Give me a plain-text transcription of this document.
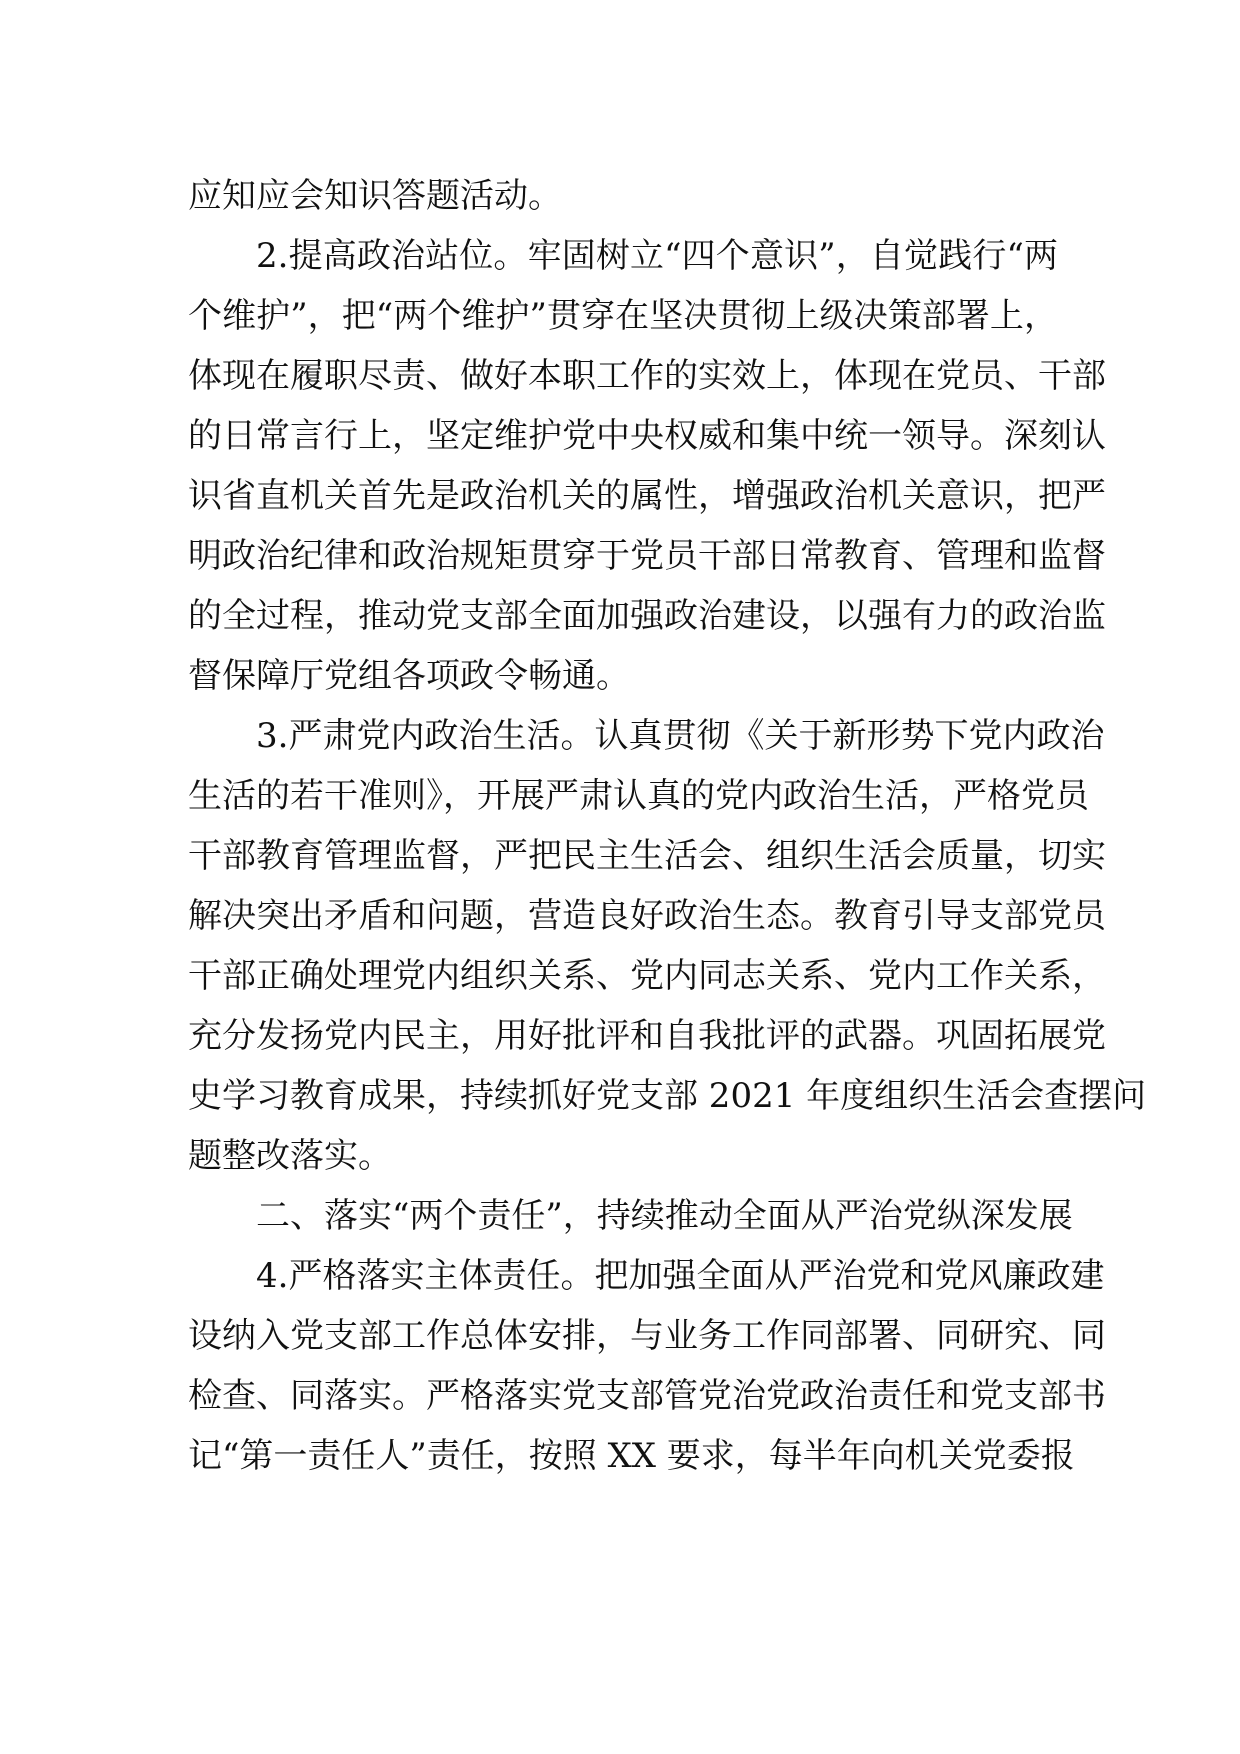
应知应会知识答题活动。
2.提高政治站位。牢固树立“四个意识”，自觉践行“两
个维护”，把“两个维护”贯穿在坚决贯彻上级决策部署上，
体现在履职尽责、做好本职工作的实效上，体现在党员、干部
的日常言行上，坚定维护党中央权威和集中统一领导。深刻认
识省直机关首先是政治机关的属性，增强政治机关意识，把严
明政治纪律和政治规矩贯穿于党员干部日常教育、管理和监督
的全过程，推动党支部全面加强政治建设，以强有力的政治监
督保障厅党组各项政令畅通。
3.严肃党内政治生活。认真贯彻《关于新形势下党内政治
生活的若干准则》，开展严肃认真的党内政治生活，严格党员
干部教育管理监督，严把民主生活会、组织生活会质量，切实
解决突出矛盾和问题，营造良好政治生态。教育引导支部党员
干部正确处理党内组织关系、党内同志关系、党内工作关系，
充分发扬党内民主，用好批评和自我批评的武器。巩固拓展党
史学习教育成果，持续抓好党支部 2021 年度组织生活会查摆问
题整改落实。
二、落实“两个责任”，持续推动全面从严治党纵深发展
4.严格落实主体责任。把加强全面从严治党和党风廉政建
设纳入党支部工作总体安排，与业务工作同部署、同研究、同
检查、同落实。严格落实党支部管党治党政治责任和党支部书
记“第一责任人”责任，按照 XX 要求，每半年向机关党委报
